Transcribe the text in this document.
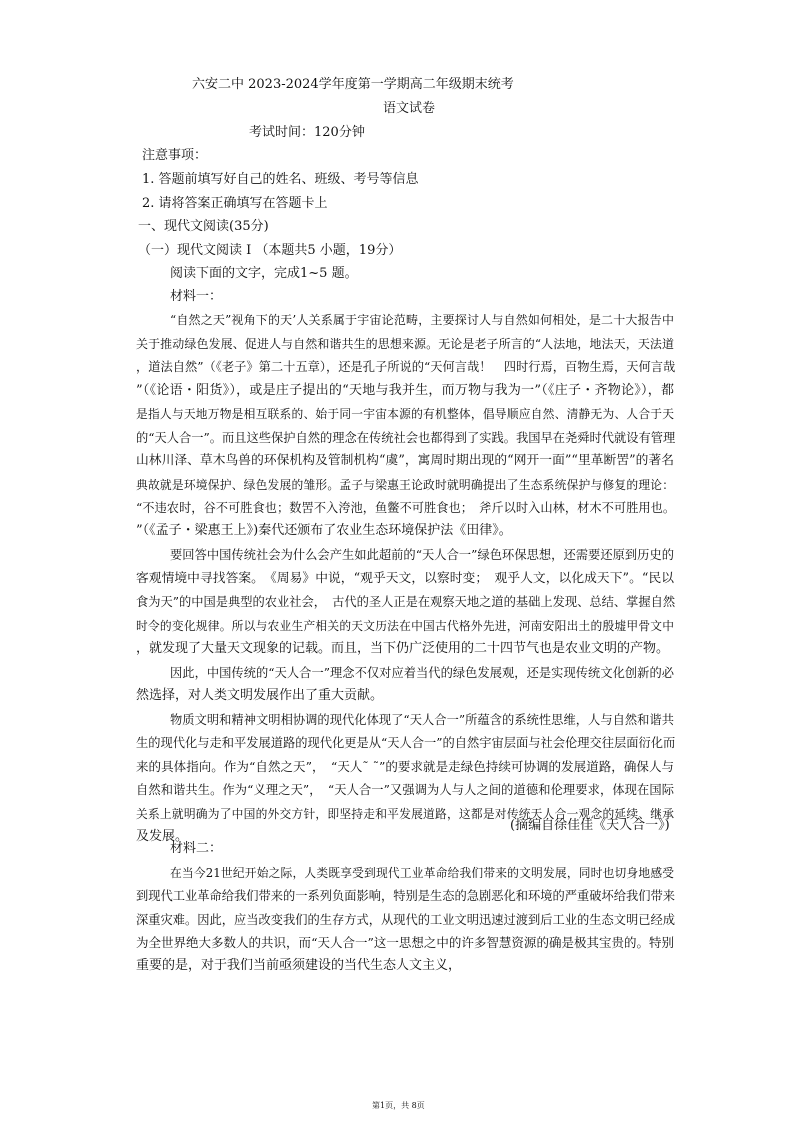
六安二中 2023-2024学年度第一学期高二年级期末统考
语文试卷
考试时间：120分钟
注意事项：
1. 答题前填写好自己的姓名、班级、考号等信息
2. 请将答案正确填写在答题卡上
一、现代文阅读(35分)
（一）现代文阅读 Ⅰ （本题共5 小题，19分）
阅读下面的文字，完成1~5 题。
材料一：
“自然之天”视角下的天’人关系属于宇宙论范畴，主要探讨人与自然如何相处，是二十大报告中
关于推动绿色发展、促进人与自然和谐共生的思想来源。无论是老子所言的“人法地，地法天，天法道
，道法自然”（《老子》第二十五章），还是孔子所说的“天何言哉！　四时行焉，百物生焉，天何言哉
”（《论语・阳货》），或是庄子提出的“天地与我并生，而万物与我为一”（《庄子・齐物论》），都
是指人与天地万物是相互联系的、始于同一宇宙本源的有机整体，倡导顺应自然、清静无为、人合于天
的“天人合一”。而且这些保护自然的理念在传统社会也都得到了实践。我国早在尧舜时代就设有管理
山林川泽、草木鸟兽的环保机构及管制机构“虞”，寓周时期出现的“网开一面”“里革断罟”的著名
典故就是环境保护、绿色发展的雏形。孟子与梁惠王论政时就明确提出了生态系统保护与修复的理论：
“不违农时，谷不可胜食也；数罟不入洿池，鱼鳖不可胜食也；　斧斤以时入山林，材木不可胜用也。
”（《孟子・梁惠王上》)秦代还颁布了农业生态环境保护法《田律》。
要回答中国传统社会为什么会产生如此超前的“天人合一”绿色环保思想，还需要还原到历史的
客观情境中寻找答案。　《周易》中说，“观乎天文，以察时变；　观乎人文，以化成天下”。“民以
食为天”的中国是典型的农业社会，　古代的圣人正是在观察天地之道的基础上发现、总结、掌握自然
时令的变化规律。所以与农业生产相关的天文历法在中国古代格外先进，河南安阳出土的殷墟甲骨文中
，就发现了大量天文现象的记载。而且，当下仍广泛使用的二十四节气也是农业文明的产物。
因此，中国传统的“天人合一”理念不仅对应着当代的绿色发展观，还是实现传统文化创新的必
然选择，对人类文明发展作出了重大贡献。
物质文明和精神文明相协调的现代化体现了“天人合一”所蕴含的系统性思维，人与自然和谐共
生的现代化与走和平发展道路的现代化更是从“天人合一”的自然宇宙层面与社会伦理交往层面衍化而
来的具体指向。作为“自然之天”，　“天人˜ ˜”的要求就是走绿色持续可协调的发展道路，确保人与
自然和谐共生。作为“义理之天”，　“天人合一”又强调为人与人之间的道德和伦理要求，体现在国际
关系上就明确为了中国的外交方针，即坚持走和平发展道路，这都是对传统天人合一观念的延续、继承
及发展。
(摘编自徐佳佳《天人合一》)
材料二：
在当今21世纪开始之际，人类既享受到现代工业革命给我们带来的文明发展，同时也切身地感受
到现代工业革命给我们带来的一系列负面影响，特别是生态的急剧恶化和环境的严重破坏给我们带来
深重灾难。因此，应当改变我们的生存方式，从现代的工业文明迅速过渡到后工业的生态文明已经成
为全世界绝大多数人的共识，而“天人合一”这一思想之中的许多智慧资源的确是极其宝贵的。特别
重要的是，对于我们当前亟须建设的当代生态人文主义，
第1页，共 8页
